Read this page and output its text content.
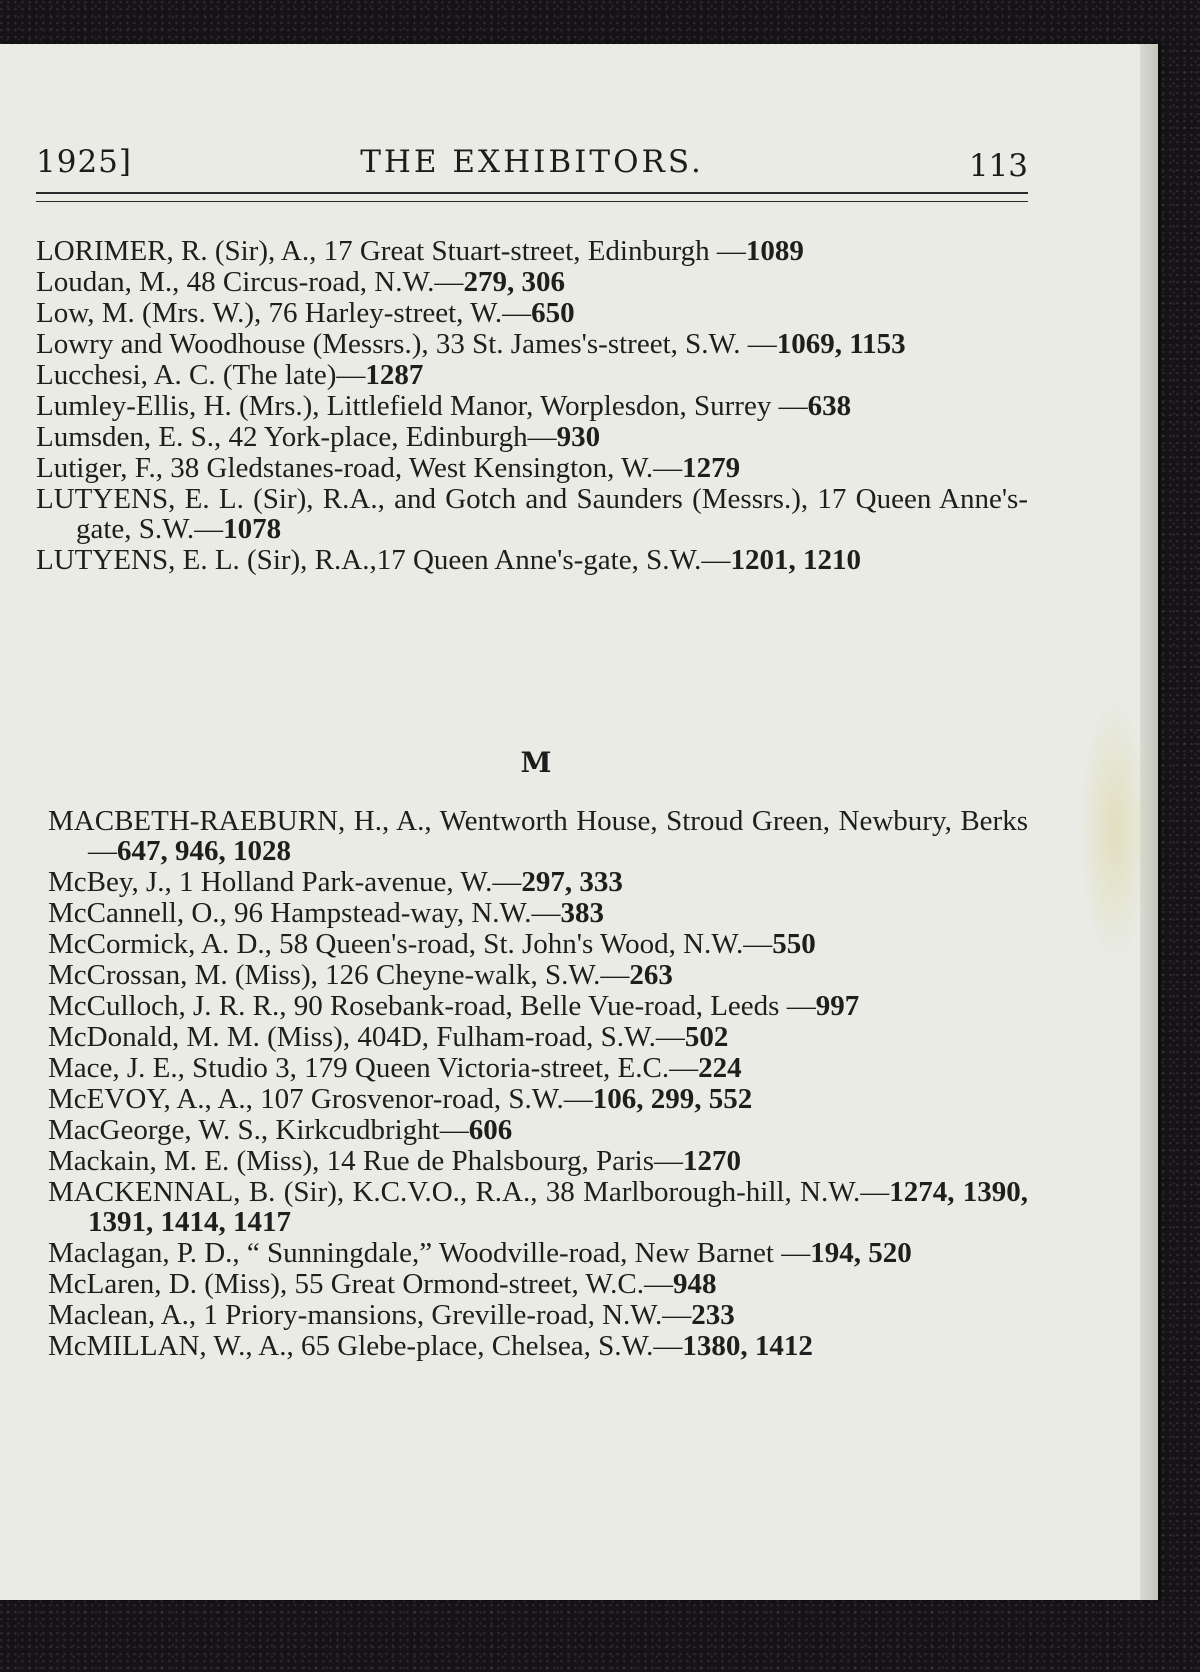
1925]	THE EXHIBITORS.	113
LORIMER, R. (Sir), A., 17 Great Stuart-street, Edinburgh —1089
Loudan, M., 48 Circus-road, N.W.—279, 306
Low, M. (Mrs. W.), 76 Harley-street, W.—650
Lowry and Woodhouse (Messrs.), 33 St. James's-street, S.W. —1069, 1153
Lucchesi, A. C. (The late)—1287
Lumley-Ellis, H. (Mrs.), Littlefield Manor, Worplesdon, Surrey —638
Lumsden, E. S., 42 York-place, Edinburgh—930
Lutiger, F., 38 Gledstanes-road, West Kensington, W.—1279
LUTYENS, E. L. (Sir), R.A., and Gotch and Saunders (Messrs.), 17 Queen Anne's-gate, S.W.—1078
LUTYENS, E. L. (Sir), R.A.,17 Queen Anne's-gate, S.W.—1201, 1210
M
MACBETH-RAEBURN, H., A., Wentworth House, Stroud Green, Newbury, Berks—647, 946, 1028
McBey, J., 1 Holland Park-avenue, W.—297, 333
McCannell, O., 96 Hampstead-way, N.W.—383
McCormick, A. D., 58 Queen's-road, St. John's Wood, N.W.—550
McCrossan, M. (Miss), 126 Cheyne-walk, S.W.—263
McCulloch, J. R. R., 90 Rosebank-road, Belle Vue-road, Leeds —997
McDonald, M. M. (Miss), 404D, Fulham-road, S.W.—502
Mace, J. E., Studio 3, 179 Queen Victoria-street, E.C.—224
McEVOY, A., A., 107 Grosvenor-road, S.W.—106, 299, 552
MacGeorge, W. S., Kirkcudbright—606
Mackain, M. E. (Miss), 14 Rue de Phalsbourg, Paris—1270
MACKENNAL, B. (Sir), K.C.V.O., R.A., 38 Marlborough-hill, N.W.—1274, 1390, 1391, 1414, 1417
Maclagan, P. D., “ Sunningdale,” Woodville-road, New Barnet —194, 520
McLaren, D. (Miss), 55 Great Ormond-street, W.C.—948
Maclean, A., 1 Priory-mansions, Greville-road, N.W.—233
McMILLAN, W., A., 65 Glebe-place, Chelsea, S.W.—1380, 1412
